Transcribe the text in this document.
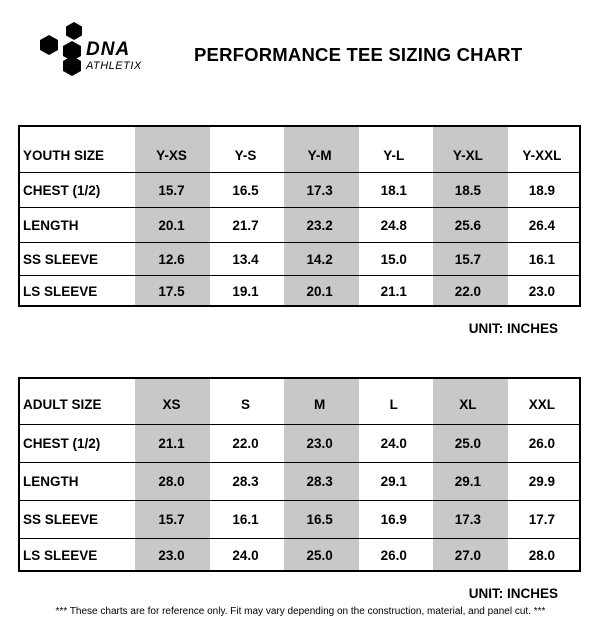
DNA
ATHLETIX
PERFORMANCE TEE SIZING CHART
YOUTH SIZE	Y-XS	Y-S	Y-M	Y-L	Y-XL	Y-XXL
CHEST (1/2)	15.7	16.5	17.3	18.1	18.5	18.9
LENGTH	20.1	21.7	23.2	24.8	25.6	26.4
SS SLEEVE	12.6	13.4	14.2	15.0	15.7	16.1
LS SLEEVE	17.5	19.1	20.1	21.1	22.0	23.0
UNIT: INCHES
ADULT SIZE	XS	S	M	L	XL	XXL
CHEST (1/2)	21.1	22.0	23.0	24.0	25.0	26.0
LENGTH	28.0	28.3	28.3	29.1	29.1	29.9
SS SLEEVE	15.7	16.1	16.5	16.9	17.3	17.7
LS SLEEVE	23.0	24.0	25.0	26.0	27.0	28.0
UNIT: INCHES
*** These charts are for reference only. Fit may vary depending on the construction, material, and panel cut. ***
